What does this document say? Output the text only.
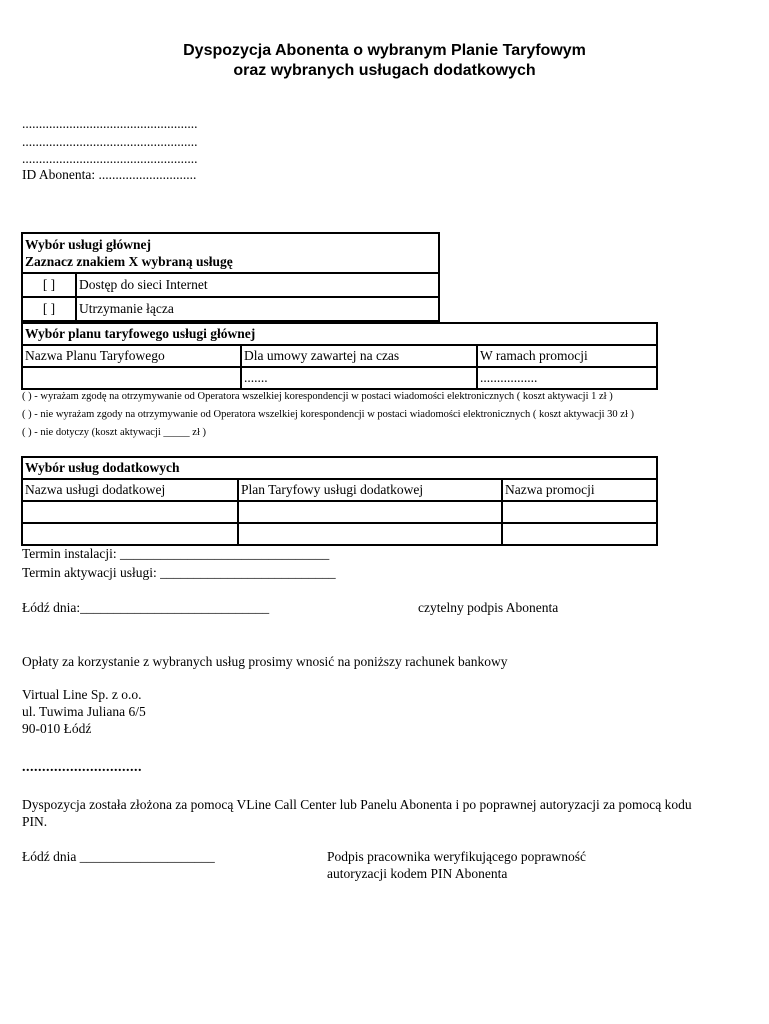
Dyspozycja Abonenta o wybranym Planie Taryfowym
oraz wybranych usługach dodatkowych
....................................................
....................................................
....................................................
ID Abonenta: .............................
Wybór usługi głównej
Zaznacz znakiem X wybraną usługę	

[ ]	Dostęp do sieci Internet
[ ]	Utrzymanie łącza
Wybór planu taryfowego usługi głównej		
Nazwa Planu Taryfowego	Dla umowy zawartej na czas	W ramach promocji
	.......	.................
( ) - wyrażam zgodę na otrzymywanie od Operatora wszelkiej korespondencji w postaci wiadomości elektronicznych ( koszt aktywacji 1 zł )
( ) - nie wyrażam zgody na otrzymywanie od Operatora wszelkiej korespondencji w postaci wiadomości elektronicznych ( koszt aktywacji 30 zł )
( ) - nie dotyczy (koszt aktywacji _____ zł )
Wybór usług dodatkowych		
Nazwa usługi dodatkowej	Plan Taryfowy usługi dodatkowej	Nazwa promocji

Termin instalacji: _______________________________
Termin aktywacji usługi: __________________________
Łódź dnia:____________________________	czytelny podpis Abonenta
Opłaty za korzystanie z wybranych usług prosimy wnosić na poniższy rachunek bankowy
Virtual Line Sp. z o.o.
ul. Tuwima Juliana 6/5
90-010 Łódź
..............................
Dyspozycja została złożona za pomocą VLine Call Center lub Panelu Abonenta i po poprawnej autoryzacji za pomocą kodu
PIN.
Łódź dnia ____________________	Podpis pracownika weryfikującego poprawność
autoryzacji kodem PIN Abonenta
